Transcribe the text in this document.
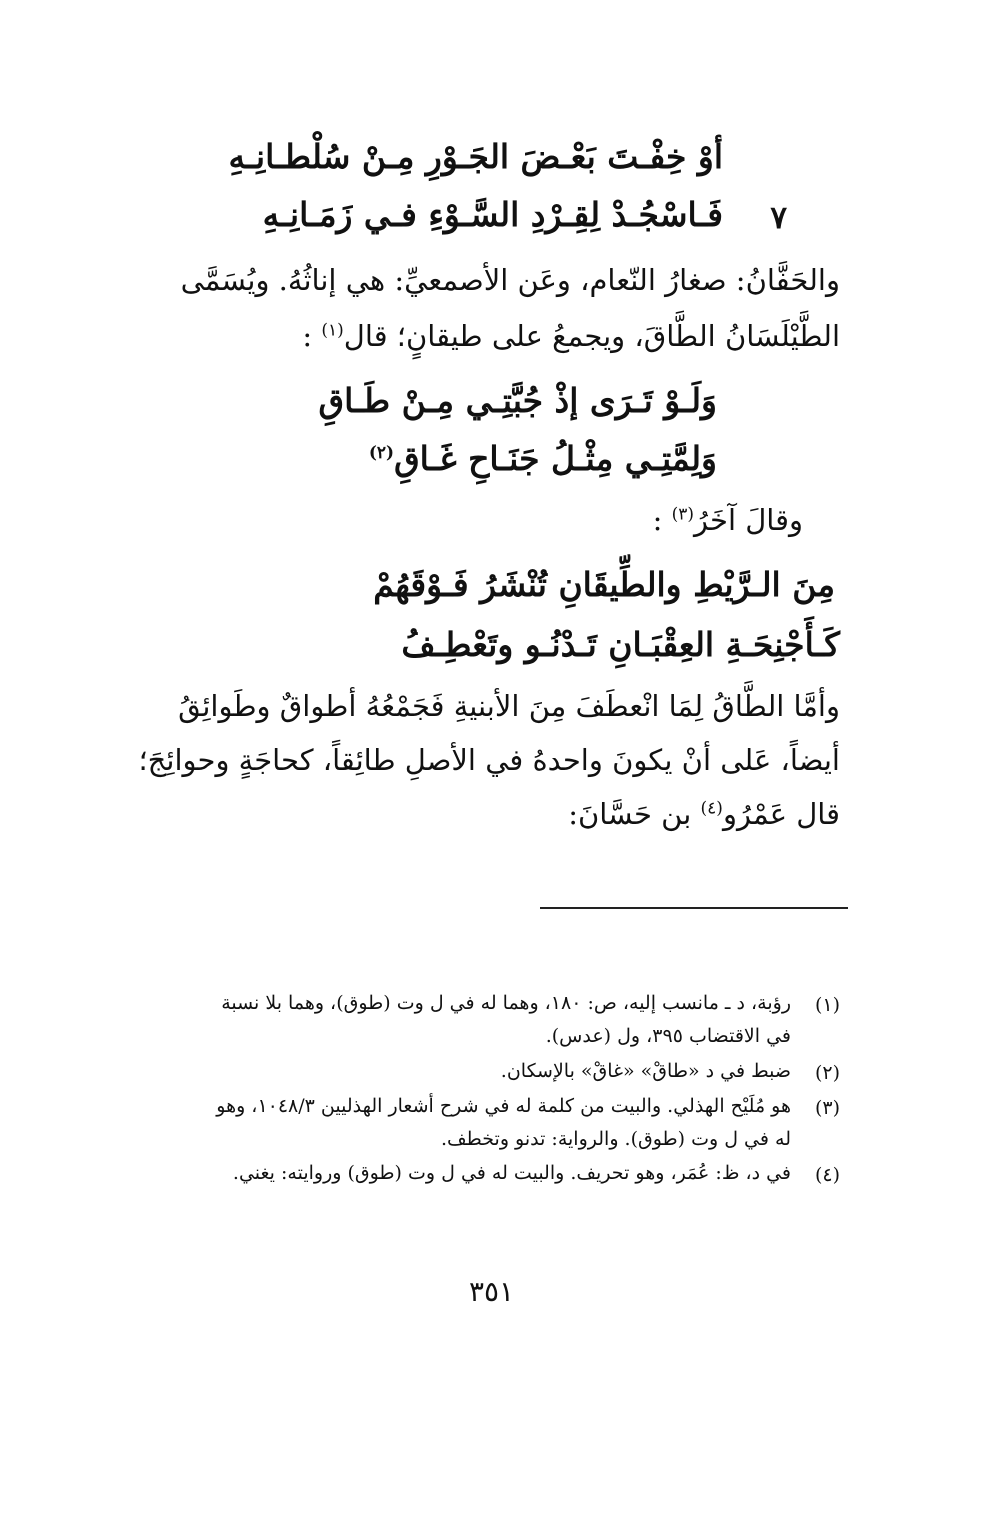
أوْ خِفْـتَ بَعْـضَ الجَـوْرِ مِـنْ سُلْطـانِـهِ
٧
فَـاسْجُـدْ لِقِـرْدِ السَّـوْءِ فـي زَمَـانِـهِ
والحَفَّانُ: صغارُ النّعام، وعَن الأصمعيِّ: هي إناثُهُ. ويُسَمَّى
الطَّيْلَسَانُ الطَّاقَ، ويجمعُ على طيقانٍ؛ قال$^{(١)}$ :
وَلَـوْ تَـرَى إذْ جُبَّتِـي مِـنْ طَـاقِ
وَلِمَّتِـي مِثْـلُ جَنَـاحِ غَـاقِ$^{(٢)}$
وقالَ آخَرُ$^{(٣)}$ :
مِنَ الـرَّيْطِ والطِّيقَانِ تُنْشَرُ فَـوْقَهُمْ
كَـأَجْنِحَـةِ العِقْبَـانِ تَـدْنُـو وتَعْطِـفُ
وأمَّا الطَّاقُ لِمَا انْعطَفَ مِنَ الأبنيةِ فَجَمْعُهُ أطواقٌ وطَوائِقُ
أيضاً، عَلى أنْ يكونَ واحدهُ في الأصلِ طائِقاً، كحاجَةٍ وحوائِجَ؛
قال عَمْرُو$^{(٤)}$ بن حَسَّانَ:
(١)
رؤبة، د ـ مانسب إليه، ص: ١٨٠، وهما له في ل وت (طوق)، وهما بلا نسبة
في الاقتضاب ٣٩٥، ول (عدس).
(٢)
ضبط في د «طاقْ» «غاقْ» بالإسكان.
(٣)
هو مُلَيْح الهذلي. والبيت من كلمة له في شرح أشعار الهذليين ١٠٤٨/٣، وهو
له في ل وت (طوق). والرواية: تدنو وتخطف.
(٤)
في د، ظ: عُمَر، وهو تحريف. والبيت له في ل وت (طوق) وروايته: يغني.
٣٥١
